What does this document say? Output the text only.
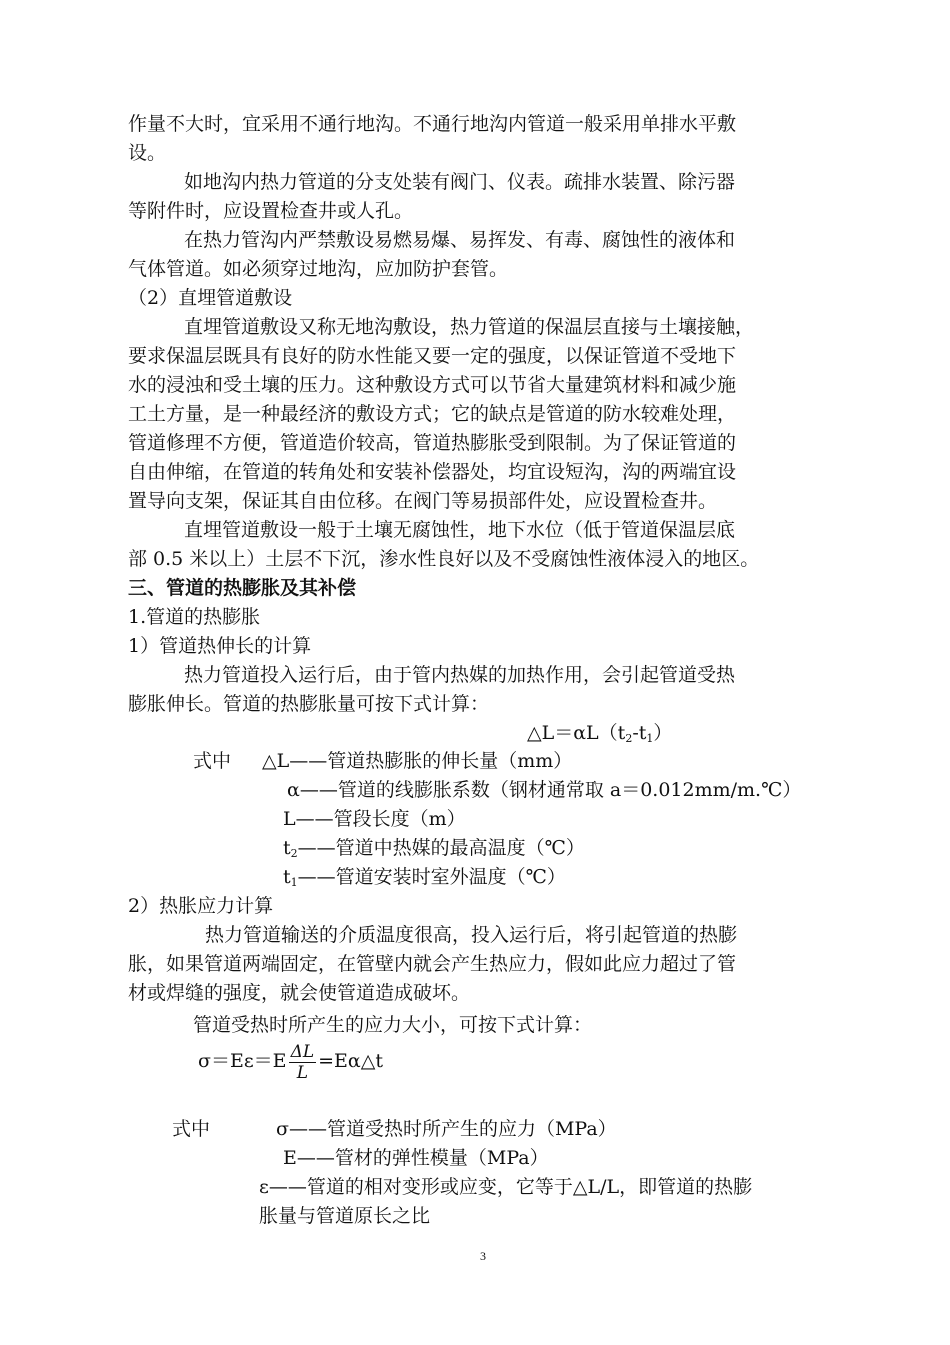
作量不大时，宜采用不通行地沟。不通行地沟内管道一般采用单排水平敷
设。
如地沟内热力管道的分支处装有阀门、仪表。疏排水装置、除污器
等附件时，应设置检查井或人孔。
在热力管沟内严禁敷设易燃易爆、易挥发、有毒、腐蚀性的液体和
气体管道。如必须穿过地沟，应加防护套管。
（2）直埋管道敷设
直埋管道敷设又称无地沟敷设，热力管道的保温层直接与土壤接触，
要求保温层既具有良好的防水性能又要一定的强度，以保证管道不受地下
水的浸浊和受土壤的压力。这种敷设方式可以节省大量建筑材料和减少施
工土方量，是一种最经济的敷设方式；它的缺点是管道的防水较难处理，
管道修理不方便，管道造价较高，管道热膨胀受到限制。为了保证管道的
自由伸缩，在管道的转角处和安装补偿器处，均宜设短沟，沟的两端宜设
置导向支架，保证其自由位移。在阀门等易损部件处，应设置检查井。
直埋管道敷设一般于土壤无腐蚀性，地下水位（低于管道保温层底
部 0.5 米以上）土层不下沉，渗水性良好以及不受腐蚀性液体浸入的地区。
三、管道的热膨胀及其补偿
1.管道的热膨胀
1）管道热伸长的计算
热力管道投入运行后，由于管内热媒的加热作用，会引起管道受热
膨胀伸长。管道的热膨胀量可按下式计算：
$\triangle L=\alpha L(t_2-t_1)$
式中 △L——管道热膨胀的伸长量（mm）
α——管道的线膨胀系数（钢材通常取 a＝0.012mm/m.℃）
L——管段长度（m）
$t_2——$管道中热媒的最高温度（℃）
$t_1——$管道安装时室外温度（℃）
2）热胀应力计算
热力管道输送的介质温度很高，投入运行后，将引起管道的热膨
胀，如果管道两端固定，在管壁内就会产生热应力，假如此应力超过了管
材或焊缝的强度，就会使管道造成破坏。
管道受热时所产生的应力大小，可按下式计算：
$\sigma=E\varepsilon=E \frac{\Delta L}{L}$ =Eα△t
式中	σ——管道受热时所产生的应力（MPa）
E——管材的弹性模量（MPa）
ε——管道的相对变形或应变，它等于△L/L，即管道的热膨
胀量与管道原长之比
3
